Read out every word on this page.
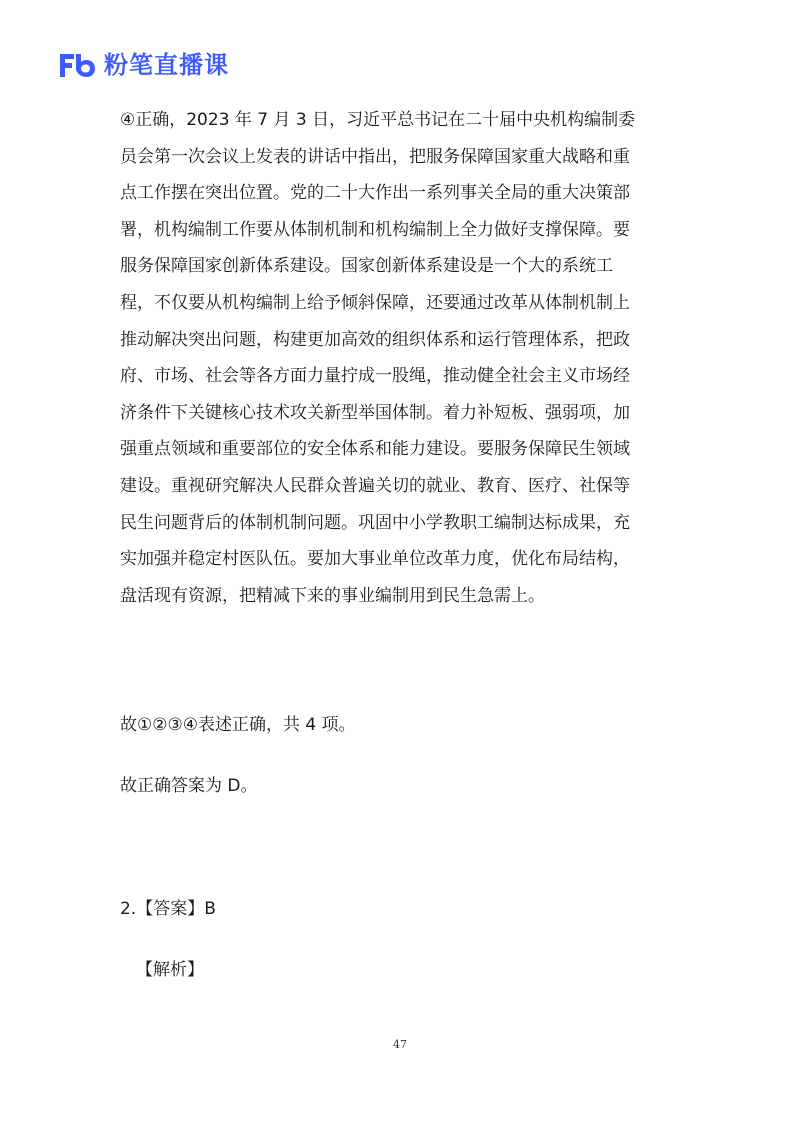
粉笔直播课

④正确，2023 年 7 月 3 日，习近平总书记在二十届中央机构编制委

员会第一次会议上发表的讲话中指出，把服务保障国家重大战略和重

点工作摆在突出位置。党的二十大作出一系列事关全局的重大决策部

署，机构编制工作要从体制机制和机构编制上全力做好支撑保障。要

服务保障国家创新体系建设。国家创新体系建设是一个大的系统工

程，不仅要从机构编制上给予倾斜保障，还要通过改革从体制机制上

推动解决突出问题，构建更加高效的组织体系和运行管理体系，把政

府、市场、社会等各方面力量拧成一股绳，推动健全社会主义市场经

济条件下关键核心技术攻关新型举国体制。着力补短板、强弱项，加

强重点领域和重要部位的安全体系和能力建设。要服务保障民生领域

建设。重视研究解决人民群众普遍关切的就业、教育、医疗、社保等

民生问题背后的体制机制问题。巩固中小学教职工编制达标成果，充

实加强并稳定村医队伍。要加大事业单位改革力度，优化布局结构，

盘活现有资源，把精减下来的事业编制用到民生急需上。

故①②③④表述正确，共 4 项。

故正确答案为 D。

2.【答案】B

【解析】

47
